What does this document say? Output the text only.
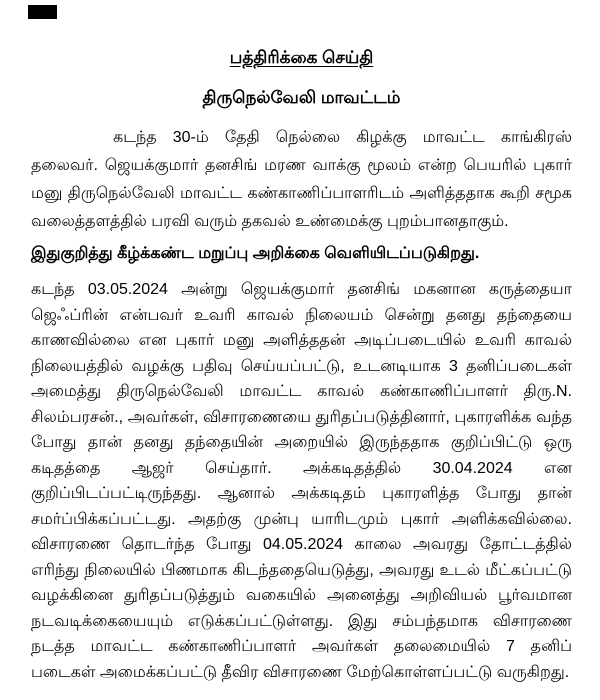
பத்திரிக்கை செய்தி
திருநெல்வேலி மாவட்டம்

கடந்த 30-ம் தேதி நெல்லை கிழக்கு மாவட்ட காங்கிரஸ் தலைவர். ஜெயக்குமார் தனசிங் மரண வாக்கு மூலம் என்ற பெயரில் புகார் மனு திருநெல்வேலி மாவட்ட கண்காணிப்பாளரிடம் அளித்ததாக கூறி சமூக வலைத்தளத்தில் பரவி வரும் தகவல் உண்மைக்கு புறம்பானதாகும்.

இதுகுறித்து கீழ்க்கண்ட மறுப்பு அறிக்கை வெளியிடப்படுகிறது.

கடந்த 03.05.2024 அன்று ஜெயக்குமார் தனசிங் மகனான கருத்தையா ஜெஃப்ரின் என்பவர் உவரி காவல் நிலையம் சென்று தனது தந்தையை காணவில்லை என புகார் மனு அளித்ததன் அடிப்படையில் உவரி காவல் நிலையத்தில் வழக்கு பதிவு செய்யப்பட்டு, உடனடியாக 3 தனிப்படைகள் அமைத்து திருநெல்வேலி மாவட்ட காவல் கண்காணிப்பாளர் திரு.N. சிலம்பரசன்., அவர்கள், விசாரணையை துரிதப்படுத்தினார், புகாரளிக்க வந்த போது தான் தனது தந்தையின் அறையில் இருந்ததாக குறிப்பிட்டு ஒரு கடிதத்தை ஆஜர் செய்தார். அக்கடிதத்தில் 30.04.2024 என குறிப்பிடப்பட்டிருந்தது. ஆனால் அக்கடிதம் புகாரளித்த போது தான் சமர்ப்பிக்கப்பட்டது. அதற்கு முன்பு யாரிடமும் புகார் அளிக்கவில்லை. விசாரணை தொடர்ந்த போது 04.05.2024 காலை அவரது தோட்டத்தில் எரிந்து நிலையில் பிணமாக கிடந்ததையெடுத்து, அவரது உடல் மீட்கப்பட்டு வழக்கினை துரிதப்படுத்தும் வகையில் அனைத்து அறிவியல் பூர்வமான நடவடிக்கையையும் எடுக்கப்பட்டுள்ளது. இது சம்பந்தமாக விசாரணை நடத்த மாவட்ட கண்காணிப்பாளர் அவர்கள் தலைமையில் 7 தனிப் படைகள் அமைக்கப்பட்டு தீவிர விசாரணை மேற்கொள்ளப்பட்டு வருகிறது.
